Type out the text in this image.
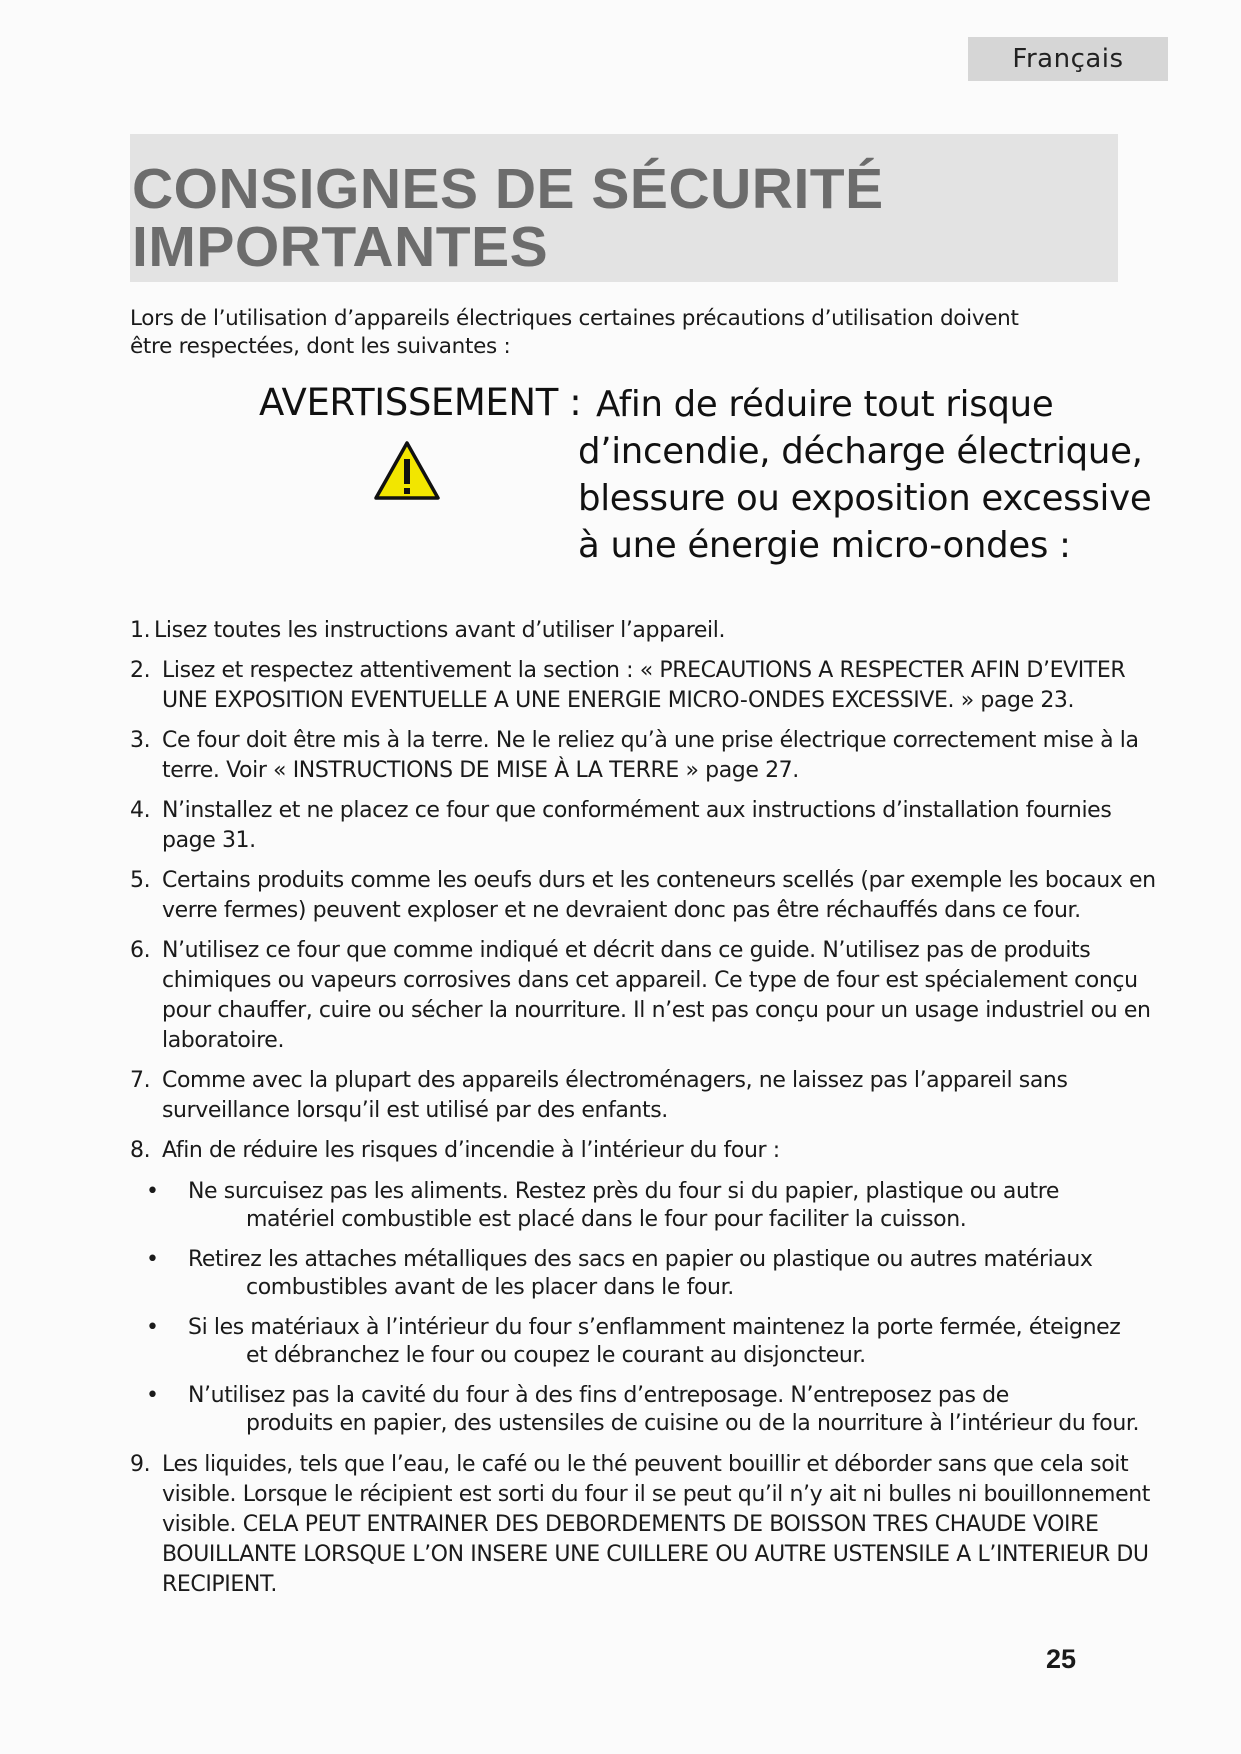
Français
CONSIGNES DE SÉCURITÉ
IMPORTANTES
Lors de l’utilisation d’appareils électriques certaines précautions d’utilisation doivent être respectées, dont les suivantes :
AVERTISSEMENT : Afin de réduire tout risque
d’incendie, décharge électrique,
blessure ou exposition excessive
à une énergie micro-ondes :
1. Lisez toutes les instructions avant d’utiliser l’appareil.
2. Lisez et respectez attentivement la section : « PRECAUTIONS A RESPECTER AFIN D’EVITER UNE EXPOSITION EVENTUELLE A UNE ENERGIE MICRO-ONDES EXCESSIVE. » page 23.
3. Ce four doit être mis à la terre. Ne le reliez qu’à une prise électrique correctement mise à la terre. Voir « INSTRUCTIONS DE MISE À LA TERRE » page 27.
4. N’installez et ne placez ce four que conformément aux instructions d’installation fournies page 31.
5. Certains produits comme les oeufs durs et les conteneurs scellés (par exemple les bocaux en verre fermes) peuvent exploser et ne devraient donc pas être réchauffés dans ce four.
6. N’utilisez ce four que comme indiqué et décrit dans ce guide. N’utilisez pas de produits chimiques ou vapeurs corrosives dans cet appareil. Ce type de four est spécialement conçu pour chauffer, cuire ou sécher la nourriture. Il n’est pas conçu pour un usage industriel ou en laboratoire.
7. Comme avec la plupart des appareils électroménagers, ne laissez pas l’appareil sans surveillance lorsqu’il est utilisé par des enfants.
8. Afin de réduire les risques d’incendie à l’intérieur du four :
• Ne surcuisez pas les aliments. Restez près du four si du papier, plastique ou autre
matériel combustible est placé dans le four pour faciliter la cuisson.
• Retirez les attaches métalliques des sacs en papier ou plastique ou autres matériaux
combustibles avant de les placer dans le four.
• Si les matériaux à l’intérieur du four s’enflamment maintenez la porte fermée, éteignez
et débranchez le four ou coupez le courant au disjoncteur.
• N’utilisez pas la cavité du four à des fins d’entreposage. N’entreposez pas de
produits en papier, des ustensiles de cuisine ou de la nourriture à l’intérieur du four.
9. Les liquides, tels que l’eau, le café ou le thé peuvent bouillir et déborder sans que cela soit visible. Lorsque le récipient est sorti du four il se peut qu’il n’y ait ni bulles ni bouillonnement visible. CELA PEUT ENTRAINER DES DEBORDEMENTS DE BOISSON TRES CHAUDE VOIRE BOUILLANTE LORSQUE L’ON INSERE UNE CUILLERE OU AUTRE USTENSILE A L’INTERIEUR DU RECIPIENT.
25
